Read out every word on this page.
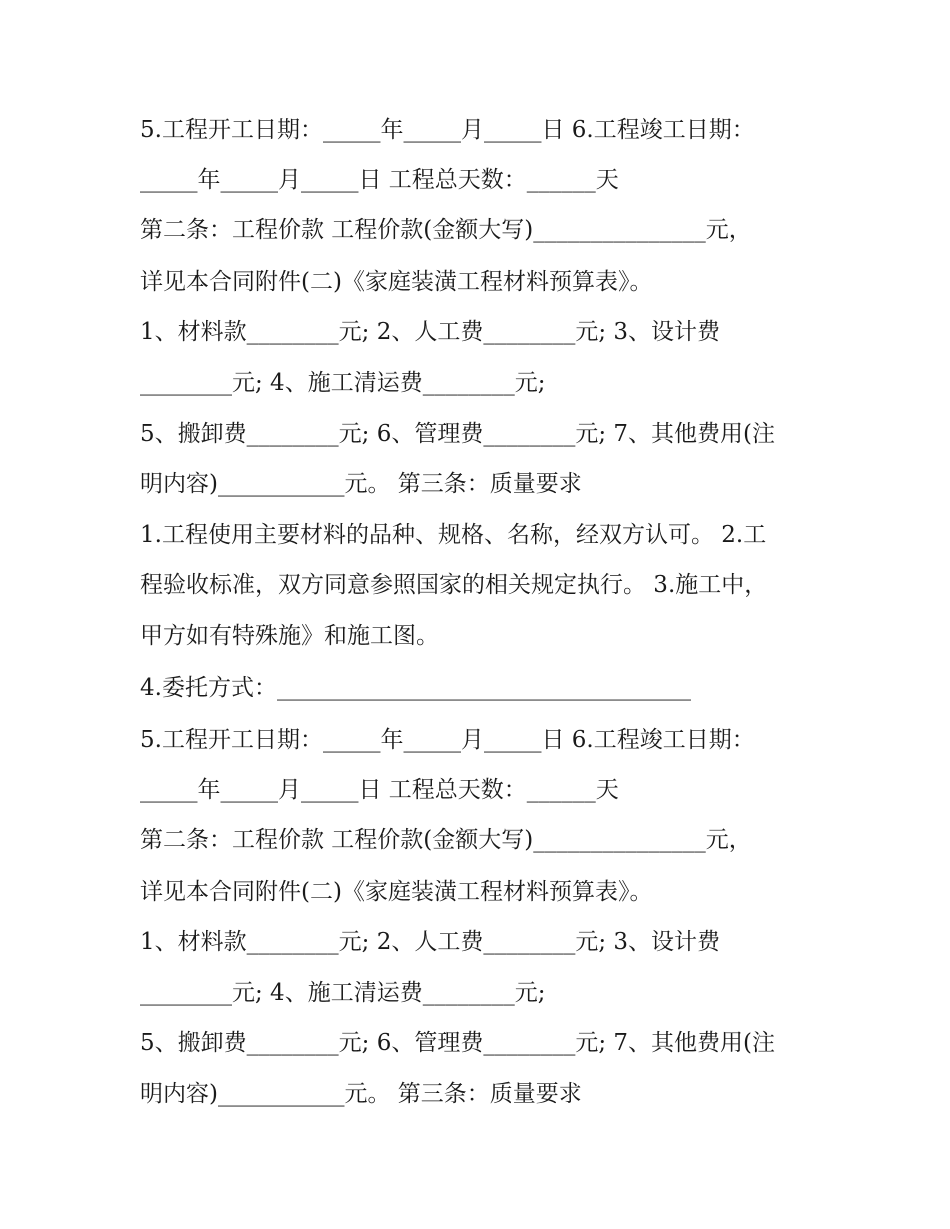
5.工程开工日期：_____年_____月_____日 6.工程竣工日期：
_____年_____月_____日 工程总天数：______天
第二条：工程价款 工程价款(金额大写)_______________元，
详见本合同附件(二)《家庭装潢工程材料预算表》。
1、材料款________元; 2、人工费________元; 3、设计费
________元; 4、施工清运费________元;
5、搬卸费________元; 6、管理费________元; 7、其他费用(注
明内容)___________元。 第三条：质量要求
1.工程使用主要材料的品种、规格、名称，经双方认可。 2.工
程验收标准，双方同意参照国家的相关规定执行。 3.施工中，
甲方如有特殊施》和施工图。
4.委托方式：____________________________________
5.工程开工日期：_____年_____月_____日 6.工程竣工日期：
_____年_____月_____日 工程总天数：______天
第二条：工程价款 工程价款(金额大写)_______________元，
详见本合同附件(二)《家庭装潢工程材料预算表》。
1、材料款________元; 2、人工费________元; 3、设计费
________元; 4、施工清运费________元;
5、搬卸费________元; 6、管理费________元; 7、其他费用(注
明内容)___________元。 第三条：质量要求
